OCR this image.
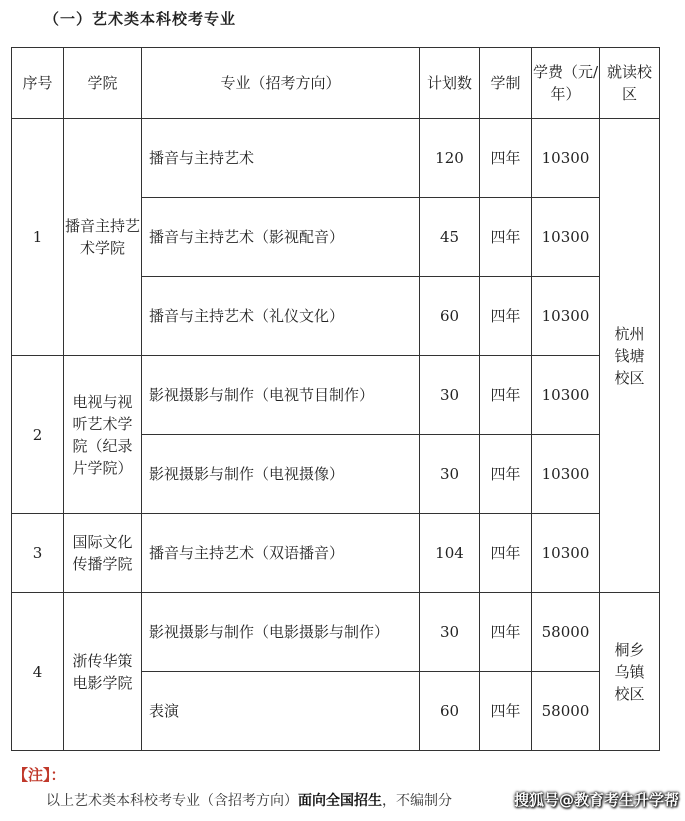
（一）艺术类本科校考专业
序号	学院	专业（招考方向）	计划数	学制	学费（元/年）	就读校区
1	播音主持艺术学院	播音与主持艺术	120	四年	10300	杭州钱塘校区
		播音与主持艺术（影视配音）	45	四年	10300	
		播音与主持艺术（礼仪文化）	60	四年	10300	
2	电视与视听艺术学院（纪录片学院）	影视摄影与制作（电视节目制作）	30	四年	10300	
		影视摄影与制作（电视摄像）	30	四年	10300	
3	国际文化传播学院	播音与主持艺术（双语播音）	104	四年	10300	
4	浙传华策电影学院	影视摄影与制作（电影摄影与制作）	30	四年	58000	桐乡乌镇校区
		表演	60	四年	58000	
【注】：
以上艺术类本科校考专业（含招考方向）面向全国招生，不编制分	搜狐号@教育考生升学帮
